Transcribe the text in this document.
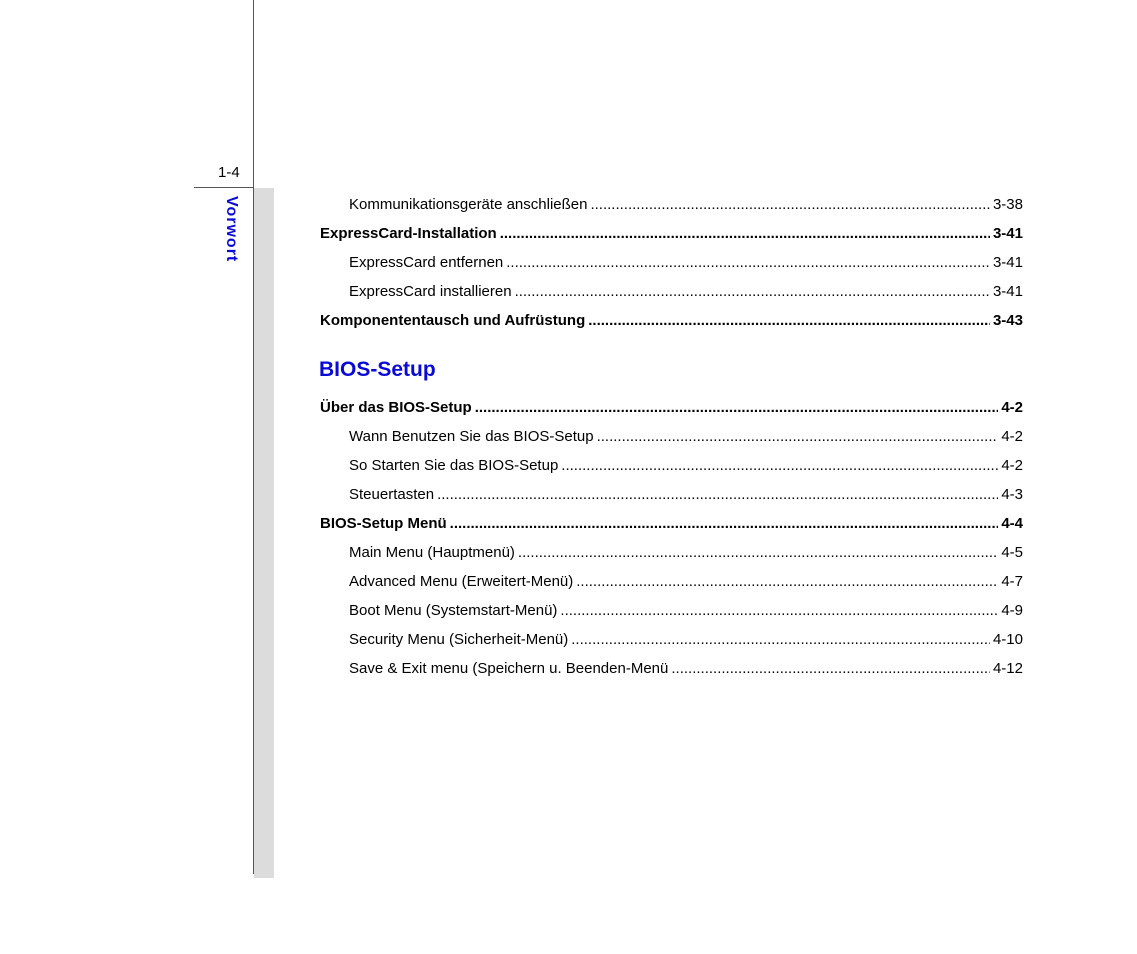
1-4
Vorwort	Kommunikationsgeräte anschließen .....	3-38
ExpressCard-Installation .....	3-41
ExpressCard entfernen .....	3-41
ExpressCard installieren .....	3-41
Komponententausch und Aufrüstung .....	3-43
BIOS-Setup
Über das BIOS-Setup .....	4-2
Wann Benutzen Sie das BIOS-Setup .....	4-2
So Starten Sie das BIOS-Setup .....	4-2
Steuertasten .....	4-3
BIOS-Setup Menü .....	4-4
Main Menu (Hauptmenü) .....	4-5
Advanced Menu (Erweitert-Menü) .....	4-7
Boot Menu (Systemstart-Menü) .....	4-9
Security Menu (Sicherheit-Menü) .....	4-10
Save & Exit menu (Speichern u. Beenden-Menü .....	4-12
